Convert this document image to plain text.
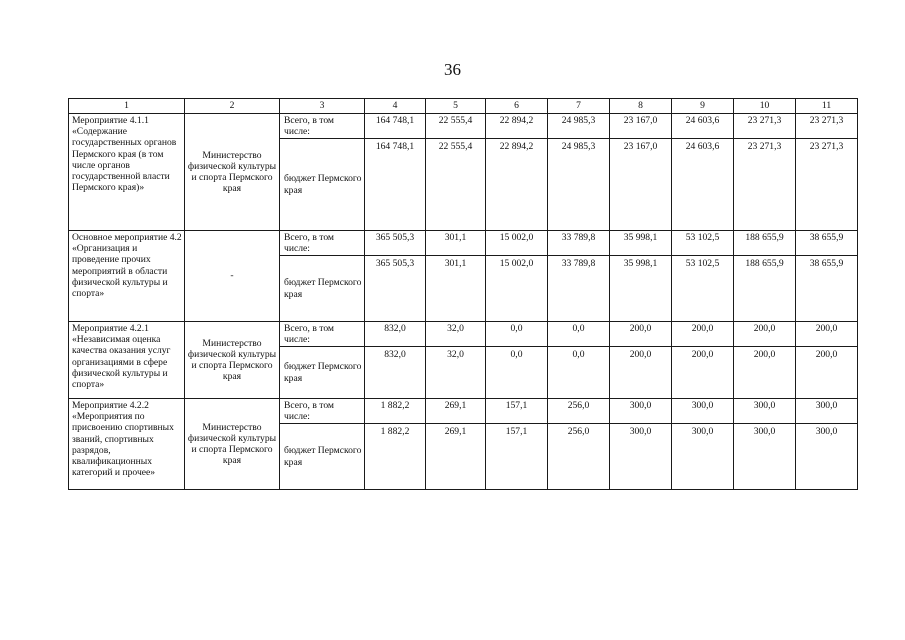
36
1	2	3	4	5	6	7	8	9	10	11
Мероприятие 4.1.1 «Содержание государственных органов Пермского края (в том числе органов государственной власти Пермского края)»	Министерство физической культуры и спорта Пермского края	Всего, в том числе:	164 748,1	22 555,4	22 894,2	24 985,3	23 167,0	24 603,6	23 271,3	23 271,3
		бюджет Пермского края	164 748,1	22 555,4	22 894,2	24 985,3	23 167,0	24 603,6	23 271,3	23 271,3
Основное мероприятие 4.2 «Организация и проведение прочих мероприятий в области физической культуры и спорта»	-	Всего, в том числе:	365 505,3	301,1	15 002,0	33 789,8	35 998,1	53 102,5	188 655,9	38 655,9
		бюджет Пермского края	365 505,3	301,1	15 002,0	33 789,8	35 998,1	53 102,5	188 655,9	38 655,9
Мероприятие 4.2.1 «Независимая оценка качества оказания услуг организациями в сфере физической культуры и спорта»	Министерство физической культуры и спорта Пермского края	Всего, в том числе:	832,0	32,0	0,0	0,0	200,0	200,0	200,0	200,0
		бюджет Пермского края	832,0	32,0	0,0	0,0	200,0	200,0	200,0	200,0
Мероприятие 4.2.2 «Мероприятия по присвоению спортивных званий, спортивных разрядов, квалификационных категорий и прочее»	Министерство физической культуры и спорта Пермского края	Всего, в том числе:	1 882,2	269,1	157,1	256,0	300,0	300,0	300,0	300,0
		бюджет Пермского края	1 882,2	269,1	157,1	256,0	300,0	300,0	300,0	300,0
